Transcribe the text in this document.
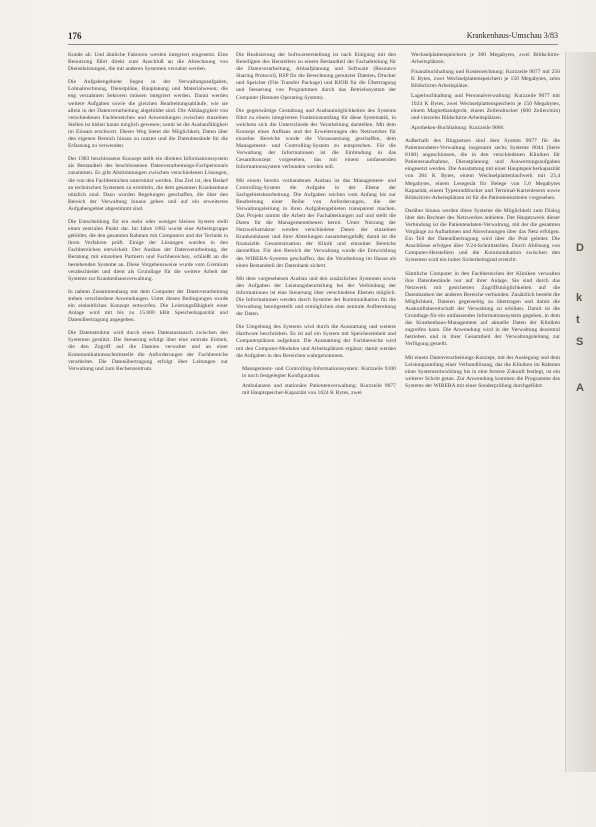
176	Krankenhaus-Umschau 3/83

Kunde ab. Und ähnliche Faktoren werden integriert eingesetzt. Eine Benutzung führt direkt zum Anschluß an die Abrechnung von Dienstleistungen, die mit anderen Systemen verzahnt werden.

Die Aufgabengebiete liegen in der Verwaltungsaufgaben, Lohnabrechnung, Dienstpläne, Bauplanung und Materialwesen; die eng verzahnten Sektoren müssen integriert werden. Damit werden weitere Aufgaben sowie die gleichen Bearbeitungsabläufe, wie sie allein in der Datenverarbeitung abgebildet sind. Die Abhängigkeit von verschiedenen Fachbereichen und Anwendungen zwischen einzelnen Stellen ist bisher kaum möglich gewesen; somit ist die Ausbaufähigkeit im Einsatz erschwert. Dieser Weg bietet die Möglichkeit, Daten über den eigenen Bereich hinaus zu nutzen und die Datenbestände für die Erfassung zu verwenden.

Der 1983 beschlossene Konzept stellt ein direktes Informationssystem als Bestandteil des beschlossenen Datenverarbeitungs-Fachpersonals zusammen. Es gibt Abstimmungen zwischen verschiedenen Lösungen, die von den Fachbereichen unterstützt werden. Das Ziel ist, den Bedarf an technischen Systemen zu ermitteln, die dem gesamten Krankenhaus nützlich sind. Dazu wurden Regelungen geschaffen, die über den Bereich der Verwaltung hinaus gehen und auf ein erweitertes Aufgabengebiet abgestimmt sind.

Die Entscheidung für ein mehr oder weniger kleines System stellt einen zentralen Punkt dar. Im Jahre 1982 wurde eine Arbeitsgruppe gebildet, die den gesamten Rahmen mit Computern und der Technik in ihren Verfahren prüft. Einige der Lösungen wurden in den Fachbereichen entwickelt. Der Ausbau der Datenverarbeitung, der Beratung mit einzelnen Partnern und Fachbereichen, schließt an die bestehenden Systeme an. Diese Vorgehensweise wurde vom Gremium verabschiedet und dient als Grundlage für die weitere Arbeit der Systeme zur Krankenhausverwaltung.

In nahem Zusammenhang mit dem Computer der Datenverarbeitung stehen verschiedene Anwendungen. Unter diesen Bedingungen wurde ein einheitliches Konzept entworfen. Die Leistungsfähigkeit einer Anlage wird mit bis zu 15.000 kBit Speicherkapazität und Datenübertragung angegeben.

Die Datenstruktur wird durch einen Datenaustausch zwischen den Systemen gestützt. Die Steuerung erfolgt über eine zentrale Einheit, die den Zugriff auf die Dateien verwaltet und an einer Kommunikationsschnittstelle die Anforderungen der Fachbereiche verarbeitet. Die Datenübertragung erfolgt über Leitungen zur Verwaltung und zum Rechenzentrum.

Die Realisierung der Softwareerstellung ist nach Einigung mit den Beteiligten des Herstellers zu einem Bestandteil der Fachabteilung für die Datenverarbeitung, Ablaufplanung und Software (Resource Sharing Protocol), RSP für die Berechnung genutzter Dateien, Drucker und Speicher (File Transfer Package) und RJOB für die Übertragung und Steuerung von Programmen durch das Betriebssystem der Computer (Remote Operating System).

Die gegenwärtige Gestaltung und Ausbaumöglichkeiten des Systems führt zu einem integrierten Funktionsumfang für diese Systematik, in welchem sich die Unterschiede der Verarbeitung darstellen. Mit dem Konzept eines Aufbaus und der Erweiterungen des Netzwerkes für einzelne Bereiche wurde die Voraussetzung geschaffen, dem Management- und Controlling-System zu entsprechen. Für die Verwaltung der Informationen ist die Einbindung in das Gesamtkonzept vorgesehen, das mit einem umfassenden Informationssystem verbunden werden soll.

Mit einem bereits vorhandenen Ausbau ist das Management- und Controlling-System die Aufgabe in der Ebene der Sachgebietsbearbeitung. Die Aufgaben reichen vom Anfang bis zur Bearbeitung einer Reihe von Anforderungen, die der Verwaltungsleitung in ihren Aufgabengebieten transparent machen. Das Projekt nimmt die Arbeit der Fachabteilungen auf und stellt die Daten für die Managementebenen bereit. Unter Nutzung der Netzwerkstruktur werden verschiedene Daten der einzelnen Krankenhäuser und ihrer Abteilungen zusammengefaßt; damit ist die finanzielle Gesamtsituation der Klinik und einzelner Bereiche darstellbar. Für den Bereich der Verwaltung wurde die Entwicklung des WIBERA-Systems geschaffen, das die Verarbeitung im Hause als einen Bestandteil der Datenbank sichert.

Mit dem vorgesehenen Ausbau und den zusätzlichen Systemen sowie den Aufgaben der Leistungsbeurteilung bei der Verbindung der Informationen ist eine Steuerung über verschiedene Ebenen möglich. Die Informationen werden durch Systeme der Kommunikation für die Verwaltung bereitgestellt und ermöglichen eine zentrale Aufbereitung der Daten.

Die Umgebung des Systems wird durch die Ausstattung und weitere Hardware beschrieben. Es ist auf ein System mit Speichereinheit und Computerplätzen aufgebaut. Die Ausstattung der Fachbereiche wird mit den Computer-Modulen und Arbeitsplätzen ergänzt; damit werden die Aufgaben in den Bereichen wahrgenommen.

Management- und Controlling-Informationssystem: Kurzzeile 9100 in noch festgelegter Konfiguration.

Ambulanzen und stationäre Patientenverwaltung: Kurzzeile 9077 mit Hauptspeicher-Kapazität von 1024 K Bytes, zwei

Wechselplattenspeichern je 300 Megabytes, zwei Bildschirm-Arbeitsplätzen.

Finanzbuchhaltung und Kostenrechnung: Kurzzeile 9077 mit 256 K Bytes, zwei Wechselplattenspeichern je 150 Megabytes, zehn Bildschirm-Arbeitsplätze.

Lagerbuchhaltung und Personalverwaltung: Kurzzeile 9077 mit 1024 K Bytes, zwei Wechselplattenspeichern je 150 Megabytes, einem Magnetbandgerät, einem Zeilendrucker (600 Zeilen/min) und vierzehn Bildschirm-Arbeitsplätzen.

Apotheken-Buchhaltung: Kurzzeile 9066.

Außerhalb des Ringnetzes sind dem System 9077 für die Patientendaten-Verwaltung insgesamt sechs Systeme 8044 (Serie 8100) angeschlossen, die in den verschiedenen Kliniken für Patientenaufnahme, Dienstplanung und Auswertungsaufgaben eingesetzt werden. Die Ausstattung mit einer Hauptspeicherkapazität von 384 K Bytes, einem Wechselplattenlaufwerk mit 23,4 Megabytes, einem Lesegerät für Belege von 5,6 Megabytes Kapazität, einem Typenraddrucker und Terminal-Kartenlesern sowie Bildschirm-Arbeitsplätzen ist für die Patientenkarteien vorgesehen.

Darüber hinaus werden diese Systeme die Möglichkeit zum Dialog über den Rechner des Netzwerkes anbieten. Der Hauptzweck dieser Verbindung ist die Patientendaten-Verwaltung, mit der die gesamten Vorgänge zu Aufnahmen und Abrechnungen über das Netz erfolgen. Ein Teil der Datenübertragung wird über die Post geleitet. Die Anschlüsse erfolgen über V.24-Schnittstellen. Durch Ablösung von Computer-Herstellern und die Kommunikation zwischen den Systemen wird ein hoher Sicherheitsgrad erreicht.

Sämtliche Computer in den Fachbereichen der Kliniken verwalten ihre Datenbestände nur auf ihrer Anlage. Sie sind durch das Netzwerk mit gesicherten Zugriffsmöglichkeiten auf die Datenbanken der anderen Bereiche verbunden. Zusätzlich besteht die Möglichkeit, Dateien gegenseitig zu übertragen und damit die Auskunftsbereitschaft der Verwaltung zu erhöhen. Damit ist die Grundlage für ein umfassendes Informationssystem gegeben, in dem das Krankenhaus-Management auf aktuelle Daten der Kliniken zugreifen kann. Die Anwendung wird in der Verwaltung dezentral betrieben und in ihrer Gesamtheit der Verwaltungsleitung zur Verfügung gestellt.

Mit einem Datenverarbeitungs-Konzept, mit der Auslegung und dem Leistungsumfang einer Verbundlösung, das die Kliniken im Rahmen einer Systementwicklung bis in eine fernere Zukunft festlegt, ist ein weiterer Schritt getan. Zur Anwendung kommen die Programme des Systems der WIBERA mit einer Sonderprüfung durchgeführt.

D
k
t
S
A
